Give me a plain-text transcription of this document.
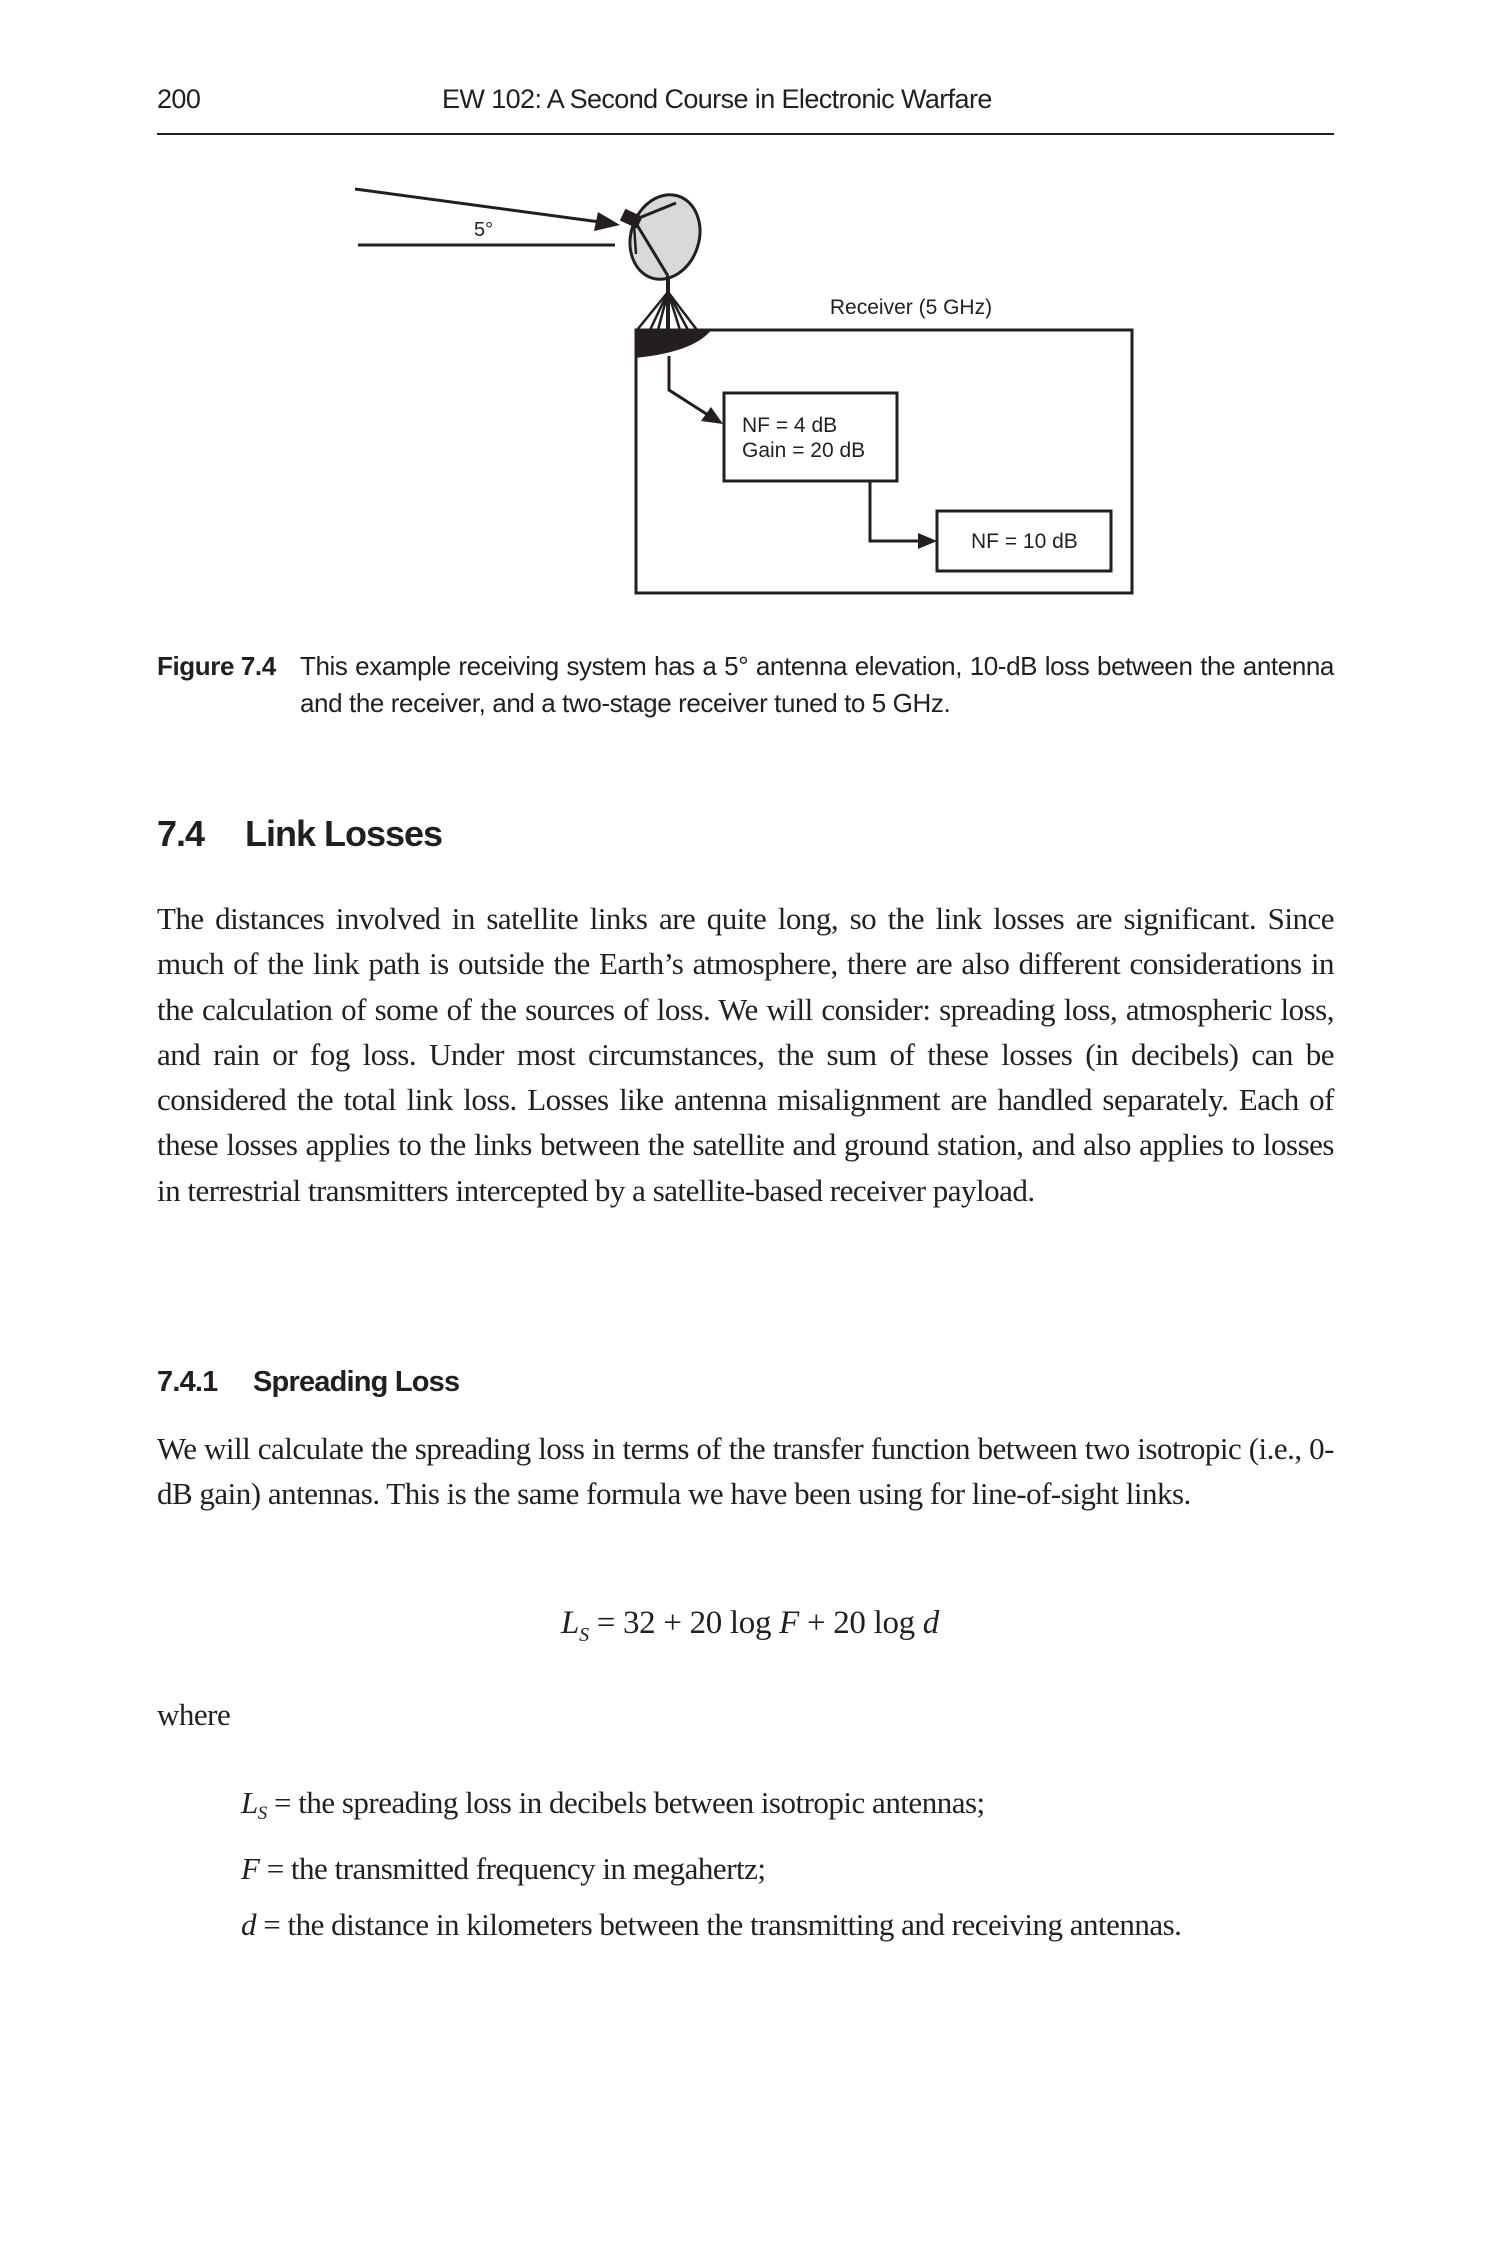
200	EW 102: A Second Course in Electronic Warfare
5°
Receiver (5 GHz)
NF = 4 dB
Gain = 20 dB
NF = 10 dB
Figure 7.4 This example receiving system has a 5° antenna elevation, 10-dB loss between the antenna and the receiver, and a two-stage receiver tuned to 5 GHz.
7.4 Link Losses
The distances involved in satellite links are quite long, so the link losses are significant. Since much of the link path is outside the Earth’s atmosphere, there are also different considerations in the calculation of some of the sources of loss. We will consider: spreading loss, atmospheric loss, and rain or fog loss. Under most circumstances, the sum of these losses (in decibels) can be considered the total link loss. Losses like antenna misalignment are handled separately. Each of these losses applies to the links between the satellite and ground station, and also applies to losses in terrestrial transmitters intercepted by a satellite-based receiver payload.
7.4.1 Spreading Loss
We will calculate the spreading loss in terms of the transfer function between two isotropic (i.e., 0-dB gain) antennas. This is the same formula we have been using for line-of-sight links.
$L_S = 32 + 20$ log F + 20 log d
where
$L_S$ = the spreading loss in decibels between isotropic antennas;
F = the transmitted frequency in megahertz;
d = the distance in kilometers between the transmitting and receiving antennas.
